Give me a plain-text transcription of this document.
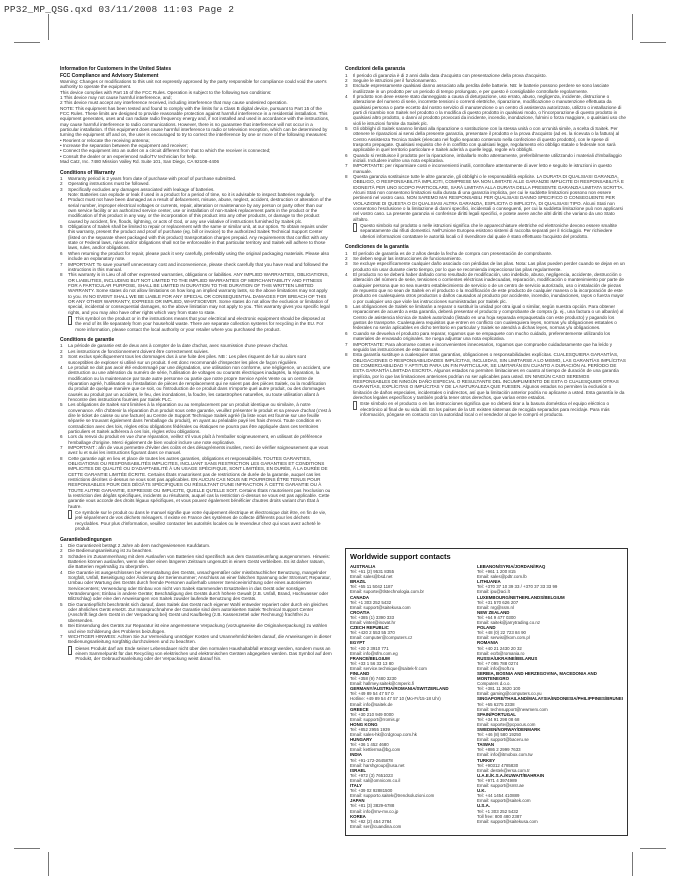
PP32_MP_QSG.qxd 03/11/2008 11:03 Page 2

Information for Customers in the United States

FCC Compliance and Advisory Statement

Warning: Changes or modifications to this unit not expressly approved by the party responsible for compliance could void the user's authority to operate the equipment.

This device complies with Part 15 of the FCC Rules. Operation is subject to the following two conditions:

1 This device may not cause harmful interference, and;

2 This device must accept any interference received, including interference that may cause undesired operation.

NOTE: This equipment has been tested and found to comply with the limits for a Class B digital device, pursuant to Part 15 of the FCC Rules. These limits are designed to provide reasonable protection against harmful interference in a residential installation. This equipment generates, uses and can radiate radio frequency energy and, if not installed and used in accordance with the instructions, may cause harmful interference to radio communications. However, there is no guarantee that interference will not occur in a particular installation. If this equipment does cause harmful interference to radio or television reception, which can be determined by turning the equipment off and on, the user is encouraged to try to correct the interference by one or more of the following measures:

• Reorient or relocate the receiving antenna;

• Increase the separation between the equipment and receiver;

• Connect the equipment into an outlet on a circuit different from that to which the receiver is connected;

• Consult the dealer or an experienced radio/TV technician for help.

Mad Catz, Inc. 7480 Mission Valley Rd. Suite 101, San Diego, CA 92108-4406

Conditions of Warranty

1	Warranty period is 2 years from date of purchase with proof of purchase submitted.
2	Operating instructions must be followed.
3	Specifically excludes any damages associated with leakage of batteries.
Note: Batteries can explode or leak if used in a product for a period of time, so it is advisable to inspect batteries regularly.
4	Product must not have been damaged as a result of defacement, misuse, abuse, neglect, accident, destruction or alteration of the serial number, improper electrical voltages or currents, repair, alteration or maintenance by any person or party other than our own service facility or an authorized service center, use or installation of non-Saitek replacement parts in the product or the modification of this product in any way, or the incorporation of this product into any other products, or damage to the product caused by accident, fire, floods, lightning, or acts of God, or any use violative of instructions furnished by Saitek plc.
5	Obligations of Saitek shall be limited to repair or replacement with the same or similar unit, at our option. To obtain repairs under this warranty, present the product and proof of purchase (eg. bill or invoice) to the authorized Saitek Technical Support Center (listed on the separate sheet packaged with this product) transportation charges prepaid. Any requirements that conflict with any state or Federal laws, rules and/or obligations shall not be enforceable in that particular territory and Saitek will adhere to those laws, rules, and/or obligations.
6	When returning the product for repair, please pack it very carefully, preferably using the original packaging materials. Please also include an explanatory note.
7	IMPORTANT: To save yourself unnecessary cost and inconvenience, please check carefully that you have read and followed the instructions in this manual.
8	This warranty is in Lieu of all other expressed warranties, obligations or liabilities. ANY IMPLIED WARRANTIES, OBLIGATIONS, OR LIABILITIES, INCLUDING BUT NOT LIMITED TO THE IMPLIED WARRANTIES OF MERCHANTABILITY AND FITNESS FOR A PARTICULAR PURPOSE, SHALL BE LIMITED IN DURATION TO THE DURATION OF THIS WRITTEN LIMITED WARRANTY. Some states do not allow limitations on how long an implied warranty lasts, so the above limitations may not apply to you. IN NO EVENT SHALL WE BE LIABLE FOR ANY SPECIAL OR CONSEQUENTIAL DAMAGES FOR BREACH OF THIS OR ANY OTHER WARRANTY, EXPRESS OR IMPLIED, WHATSOEVER. Some states do not allow the exclusion or limitation of special, incidental or consequential damages, so the above limitation may not apply to you. This warranty gives you specific legal rights, and you may also have other rights which vary from state to state.
This symbol on the product or in the instructions means that your electrical and electronic equipment should be disposed at the end of its life separately from your household waste. There are separate collection systems for recycling in the EU. For more information, please contact the local authority or your retailer where you purchased the product.

Conditions de garantie

1	La période de garantie est de deux ans à compter de la date d'achat, avec soumission d'une preuve d'achat.
2	Les instructions de fonctionnement doivent être correctement suivies.
3	Sont exclus spécifiquement tous les dommages dus à une fuite des piles. NB : Les piles risquent de fuir ou alors sont susceptibles de exploser si utilisé sur un produit. Il est donc recommandé d'inspecter les piles de façon régulière.
4	Le produit ne doit pas avoir été endommagé par une dégradation, une utilisation non conforme, une négligence, un accident, une destruction ou une altération du numéro de série, l'utilisation de voltages ou courants électriques inadaptés, la réparation, la modification ou la maintenance par toute autre personne ou partie que notre propre Service Après Vente ou un centre de réparation agréé, l'utilisation ou l'installation de pièces de remplacement qui ne soient pas des pièces Saitek, ou la modification du produit de quelque manière que ce soit, ou l'introduction de ce produit dans n'importe quel autre produit, ou des dommages causés au produit par un accident, le feu, des inondations, la foudre, les catastrophes naturelles, ou toute utilisation allant à l'encontre des instructions fournies par Saitek PLC.
5	Les obligations de Saitek sont limitées à la réparation ou au remplacement par un produit identique ou similaire, à notre convenance. Afin d'obtenir la réparation d'un produit sous cette garantie, veuillez présenter le produit et sa preuve d'achat (c'est à dire le ticket de caisse ou une facture) au Centre de Support Technique Saitek agréé (la liste vous est fournie sur une feuille séparée se trouvant également dans l'emballage du produit), en ayant au préalable payé les frais d'envoi. Toute condition en contradiction avec des lois, règles et/ou obligations fédérales ou étatiques ne pourra pas être appliquée dans ces territoires particuliers et Saitek adhèrera à ces lois, règles et/ou obligations.
6	Lors du renvoi du produit en vue d'une réparation, veillez s'il vous plaît à l'emballer soigneusement, en utilisant de préférence l'emballage d'origine. Merci également de bien vouloir inclure une note explicative.
7	IMPORTANT : afin de vous permettre d'éviter des coûts et des désagréments inutiles, merci de vérifier soigneusement que vous avez lu et suivi les instructions figurant dans ce manuel.
8	Cette garantie agit en lieu et place de toutes les autres garanties, obligations et responsabilités. TOUTES GARANTIES, OBLIGATIONS OU RESPONSABILITÉS IMPLICITES, INCLUANT SANS RESTRICTION LES GARANTIES ET CONDITIONS IMPLICITES DE QUALITÉ OU D'ADAPTABILITÉ À UN USAGE SPÉCIFIQUE, SONT LIMITÉES, EN DURÉE, À LA DURÉE DE CETTE GARANTIE LIMITÉE ÉCRITE. Certains États n'autorisent pas de restrictions de durée de la garantie, auquel cas les restrictions décrites ci-dessus ne vous sont pas applicables. EN AUCUN CAS NOUS NE POURRONS ÊTRE TENUS POUR RESPONSABLES POUR DES DÉGÂTS SPÉCIFIQUES OU RÉSULTANT D'UNE INFRACTION À CETTE GARANTIE OU À TOUTE AUTRE GARANTIE, EXPRESSE OU IMPLICITE, QUELLE QU'ELLE SOIT. Certains États n'autorisent pas l'exclusion ou la restriction des dégâts spécifiques, incidents ou résultants, auquel cas la restriction ci-dessus ne vous est pas applicable. Cette garantie vous accorde des droits légaux spécifiques, et vous pouvez également bénéficier d'autres droits variant d'un État à l'autre.
Ce symbole sur le produit ou dans le manuel signifie que votre équipement électrique et électronique doit être, en fin de vie, jeté séparément de vos déchets ménagers. Il existe en France des systèmes de collecte différents pour les déchets recyclables. Pour plus d'information, veuillez contacter les autorités locales ou le revendeur chez qui vous avez acheté le produit.

Garantiebedingungen

1	Die Garantiezeit beträgt 2 Jahre ab dem nachgewiesenen Kaufdatum.
2	Die Bedienungsanleitung ist zu beachten.
3	Schäden im Zusammenhang mit dem Auslaufen von Batterien sind spezifisch aus dem Garantieumfang ausgenommen. Hinweis: Batterien können auslaufen, wenn sie über einen längeren Zeitraum ungenutzt in einem Gerät verbleiben. Es ist daher ratsam, die Batterien regelmäßig zu überprüfen.
4	Die Garantie ist ausgeschlossen bei Verunstaltung des Geräts, unsachgemäßer oder missbräuchlicher Benutzung, mangelnder Sorgfalt, Unfall, Beseitigung oder Änderung der Seriennummer; Anschluss an einer falschen Spannung oder Stromart; Reparatur, Umbau oder Wartung des Geräts durch fremde Personen außerhalb unserer Serviceeinrichtung oder eines autorisierten Servicecenters; Verwendung oder Einbau von nicht von Saitek stammenden Ersatzteilen in das Gerät oder sonstigen Veränderungen; Einbau in andere Geräte; Beschädigung des Geräts durch höhere Gewalt (z.B. Unfall, Brand, Hochwasser oder Blitzschlag) oder eine den Anweisungen von Saitek zuwider laufende Benutzung des Geräts.
5	Die Garantiepflicht beschränkt sich darauf, dass Saitek das Gerät nach eigener Wahl entweder repariert oder durch ein gleiches oder ähnliches Gerät ersetzt. Zur Inanspruchnahme der Garantie sind dem autorisierten Saitek Technical Support Center (Anschrift liegt dem Gerät in der Verpackung bei) Gerät und Kaufbeleg (z.B. Kassenzettel oder Rechnung) frachtfrei zu übersenden.
6	Bei Einsendung des Geräts zur Reparatur ist eine angemessene Verpackung (vorzugsweise die Originalverpackung) zu wählen und eine Schilderung des Problems beizufügen.
7	WICHTIGER HINWEIS: Achten Sie zur Vermeidung unnötiger Kosten und Unannehmlichkeiten darauf, die Anweisungen in dieser Bedienungsanleitung sorgfältig durchzulesen und zu beachten.
Dieses Produkt darf am Ende seiner Lebensdauer nicht über den normalen Haushaltabfall entsorgt werden, sondern muss an einem Sammelpunkt für das Recycling von elektrischen und elektronischen Geräten abgegeben werden. Das Symbol auf dem Produkt, der Gebrauchsanleitung oder der Verpackung weist darauf hin.

Condizioni della garanzia

1	Il periodo di garanzia è di 2 anni dalla data d'acquisto con presentazione della prova d'acquisto.
2	Seguire le istruzioni per il funzionamento.
3	Esclude espressamente qualsiasi danno associato alla perdita delle batterie. NB: le batterie possono perdere se sono lasciate inutilizzate in un prodotto per un periodo di tempo prolungato, e per questo è consigliabile controllarle regolarmente.
4	Il prodotto non deve essere stato danneggiato a causa di deturpazione, uso errato, abuso, negligenza, incidente, distruzione o alterazione del numero di serie, incorrette tensioni o correnti elettriche, riparazione, modificazione o manutenzione effettuata da qualsiasi persona o parte eccetto dal nostro servizio di manutenzione o un centro di assistenza autorizzato, utilizzo o installazione di parti di ricambio non Saitek nel prodotto o la modifica di questo prodotto in qualsiasi modo, o l'incorporazione di questo prodotto in qualsiasi altro prodotto, o danni al prodotto provocati da incidente, incendio, inondazione, fulmini o forza maggiore, o qualsiasi uso che violi le istruzioni fornite da Saitek plc.
5	Gli obblighi di Saitek saranno limitati alla riparazione o sostituzione con la stessa unità o con un'unità simile, a scelta di Saitek. Per ottenere le riparazioni ai sensi della presente garanzia, presentare il prodotto e la prova d'acquisto (ad es. la ricevuta o la fattura) al Centro Assistenza Tecnica Saitek (elencato nel foglio separato contenuto nella confezione di questo prodotto), con le spese di trasporto prepagate. Qualsiasi requisito che è in conflitto con qualsiasi legge, regolamento e/o obbligo statale o federale non sarà applicabile in quel territorio particolare e Saitek aderirà a quelle leggi, regole e/o obblighi.
6	Quando si restituisce il prodotto per la riparazione, imballarlo molto attentamente, preferibilmente utilizzando i materiali d'imballaggio iniziali. Includere inoltre una nota esplicativa.
7	IMPORTANTE: per risparmiare costi e inconvenienti inutili, controllare attentamente di aver letto e seguito le istruzioni in questo manuale.
8	Questa garanzia sostituisce tutte le altre garanzie, gli obblighi o le responsabilità esplicite. LA DURATA DI QUALSIASI GARANZIA, OBBLIGO, O RESPONSABILITÀ IMPLICITI, COMPRESE MA NON LIMITATE ALLE GARANZIE IMPLICITE DI RESPONSABILITÀ E IDONEITÀ PER UNO SCOPO PARTICOLARE, SARÀ LIMITATA ALLA DURATA DELLA PRESENTE GARANZIA LIMITATA SCRITTA. Alcuni Stati non consentono limitazioni sulla durata di una garanzia implicita, per cui le suddette limitazioni possono non essere pertinenti nel vostro caso. NON SAREMO MAI RESPONSABILI PER QUALSIASI DANNO SPECIFICO O CONSEGUENTE PER VIOLAZIONE DI QUESTA O DI QUALSIASI ALTRA GARANZIA, ESPLICITA O IMPLICITA, DI QUALSIASI TIPO. Alcuni Stati non consentono l'esclusione o la limitazione di danni specifici, incidentali o conseguenti, per cui la suddetta limitazione può non applicarsi nel vostro caso. La presente garanzia vi conferisce diritti legali specifici, e potete avere anche altri diritti che variano da uno Stato all'altro.
Questo simbolo sul prodotto o nelle istruzioni significa che le apparecchiature elettriche ed elettroniche devono essere smaltite separatamente dai rifiuti domestici. Nell'Unione Europea esistono sistemi di raccolta separati per il riciclaggio. Per richiedere ulteriori informazioni contattare le autorità locali o il rivenditore dal quale è stato effettuato l'acquisto del prodotto.

Condiciones de la garantía

1	El período de garantía es de 2 años desde la fecha de compra con presentación de comprobante.
2	Se deben seguir las instrucciones de funcionamiento.
3	Se excluye específicamente cualquier daño asociado con pérdidas de las pilas. Nota: Las pilas pueden perder cuando se dejan en un producto sin usar durante cierto tiempo, por lo que se recomienda inspeccionar las pilas regularmente.
4	El producto no se deberá haber dañado como resultado de modificación, uso indebido, abuso, negligencia, accidente, destrucción o alteración del número de serie, tensiones o corrientes eléctricas inadecuadas, reparación, modificación o mantenimiento por parte de cualquier persona que no sea nuestro establecimiento de servicio o de un centro de servicio autorizado, uso o instalación de piezas de repuesto que no sean de Saitek en el producto o la modificación de este producto de cualquier manera o la incorporación de este producto en cualesquiera otros productos o daños causados al producto por accidente, incendio, inundaciones, rayos o fuerza mayor o por cualquier uso que viole las instrucciones suministradas por Saitek plc.
5	Las obligaciones de Saitek se limitarán a reparar o sustituir la unidad por otra igual o similar, según nuestra opción. Para obtener reparaciones de acuerdo a esta garantía, deberá presentar el producto y comprobante de compra (p. ej., una factura o un albarán) al Centro de asistencia técnica de Saitek autorizado (listado en una hoja separada empaquetada con este producto) y pagando los gastos de transporte. Cualesquiera requisitos que entren en conflicto con cualesquiera leyes, normas y/u obligaciones estatales o federales no serán aplicables en dicho territorio en particular y Saitek se atendrá a dichas leyes, normas y/u obligaciones.
6	Cuando se devuelva el producto para reparar, rogamos que se empaquete con mucho cuidado, preferentemente utilizando los materiales de envasado originales. Se ruega adjuntar una nota explicativa.
7	IMPORTANTE: Para ahorrarse costes e inconvenientes innecesarios, rogamos que compruebe cuidadosamente que ha leído y seguido las instrucciones de este manual.
8	Esta garantía sustituye a cualesquier otras garantías, obligaciones o responsabilidades explícitas. CUALESQUIERA GARANTÍAS, OBLIGACIONES O RESPONSABILIDADES IMPLÍCITAS, INCLUIDAS, SIN LIMITARSE A LO MISMO, LAS GARANTÍAS IMPLÍCITAS DE COMERCIABILIDAD Y APTITUD PARA UN FIN PARTICULAR, SE LIMITARÁN EN CUANTO A DURACIÓN AL PERÍODO DE ESTA GARANTÍA LIMITADA ESCRITA. Algunos estados no permiten limitaciones en cuanto al tiempo de duración de una garantía implícita, por lo que las limitaciones anteriores podrían no ser aplicables para usted. EN NINGÚN CASO SEREMOS RESPONSABLES DE NINGÚN DAÑO ESPECIAL O RESULTANTE DEL INCUMPLIMIENTO DE ESTA O CUALESQUIER OTRAS GARANTÍAS, EXPLÍCITAS O IMPLÍCITAS Y DE LA NATURALEZA QUE FUESEN. Algunos estados no permiten la exclusión o limitación de daños especiales, incidentales o indirectos, así que la limitación anterior podría no aplicarse a usted. Esta garantía le da derechos legales específicos y también podría tener otros derechos, que varían entre estados.
Este símbolo en el producto o en las instrucciones significa que no deberá tirar a la basura doméstica el equipo eléctrico o electrónico al final de su vida útil. En los países de la UE existen sistemas de recogida separados para reciclaje. Para más información, póngase en contacto con la autoridad local o el vendedor al que le compró el producto.
Worldwide support contacts
AUSTRALIA
Tel: +61 (2) 9531 8355
Email: sales@bsd.net
BRAZIL
Tel: +55 11 5042 1187
Email: suporte@tlstechnologia.com.br
CANADA
Tel: +1 303 252 5432
Email: support@saitekusa.com
CROATIA
Tel: +385 (1) 3390 333
Email: vinter@inovat.hr
CZECH REPUBLIC
Tel: +420 2 553 55 370
Email: computer@computers.cz
EGYPT
Tel: +20 2 3910 771
Email: info@sfm.com.eg
FRANCE/BELGIUM
Tel: +33 1 56 33 13 80
Email: service.technique@saitek-fr.com
FINLAND
Tel: +358 (9) 7480 3230
Email: hallmey.saitek@cmperic.fi
GERMANY/AUSTRIA/ROMANIA/SWITZERLAND
Tel: +49 89 54 47 57 0
Hotline: +49 89 54 47 57 10 (Mo-Fr/15-18 Uhr)
Email: info@saitek.de
GREECE
Tel: +30 210 949 0000
Email: support@rromis.gr
HONG KONG
Tel: +852 2955 1939
Email: sales-hk@crdgroup.com.hk
HUNGARY
Tel: +36 1 452 4680
Email: kettlerma@bg.com
INDIA
Tel: +91-172-2645878
Email: harshgroup@usa.net
ISRAEL
Tel: +972 (3) 7651023
Email: sal@omnicom.co.il
ITALY
Tel: +39 02 92881500
Email: supporto.saitek@trendsoluzioni.com
JAPAN
Tel: +81 (3) 3829-6788
Email: info@mv-mv.co.jp
KOREA
Tel: +82 (2) 454 2784
Email: ser@cuandina.com
LEBANON/SYRIA/JORDAN/IRAQ
Tel: +961 1 200 815
Email: sales@pdtr.com.lb
LITHUANIA
Tel: +370 37 10 39 33 / +370 37 33 33 99
Email: ipu@aci.lt
LUXEMBOURG/NETHERLANDS/BELGIUM
Tel: +31 570 626 207
Email: nrg@ssm.nl
NEW ZEALAND
Tel: +64 9 477 0300
Email: saitek@jarrytrading.co.nz
POLAND
Tel: +48 (0) 22 723 84 90
Email: serwis@kom.com.pl
ROMANIA
Tel: +40 21 2430 20 32
Email: ecrb@romania.ro
RUSSIA/UKRAINE/BELARUS
Tel: +7 095 788 0274
Email: info@soft.ru
SERBIA, BOSNIA AND HERZEGOVINA, MACEDONIA AND MONTENEGRO
Computers d.o.o.
Tel: +381 11 3620 100
Email: gaming@computers.co.yu
SINGAPORE/THAILAND/MALAYSIA/INDONESIA/PHILIPPINES/BRUNEI
Tel: +65 6275 2338
Email: technsupport@newmerx.com
SPAIN/PORTUGAL
Tel: +34 91 298 08 68
Email: soporte@pcpocus.com
SWEDEN/NORWAY/DENMARK
Tel: +46 (8) 580 19250
Email: support@baceru.se
TAIWAN
Tel: +886 2 2999 7633
Email: info@itmobox.com.tw
TURKEY
Tel: +90312 4785830
Email: destek@ersa.com.tr
U.A.E./K.S.A./KUWAIT/BAHRAIN
Tel: +971 4 3974989
Email: support@smtr.ae
U.K.
Tel: +44 1454 410889
Email: support@saitek.com
U.S.A.
Tel: +1 303 252 5432
Toll free: 800 480 2387
Email: support@saitekusa.com
